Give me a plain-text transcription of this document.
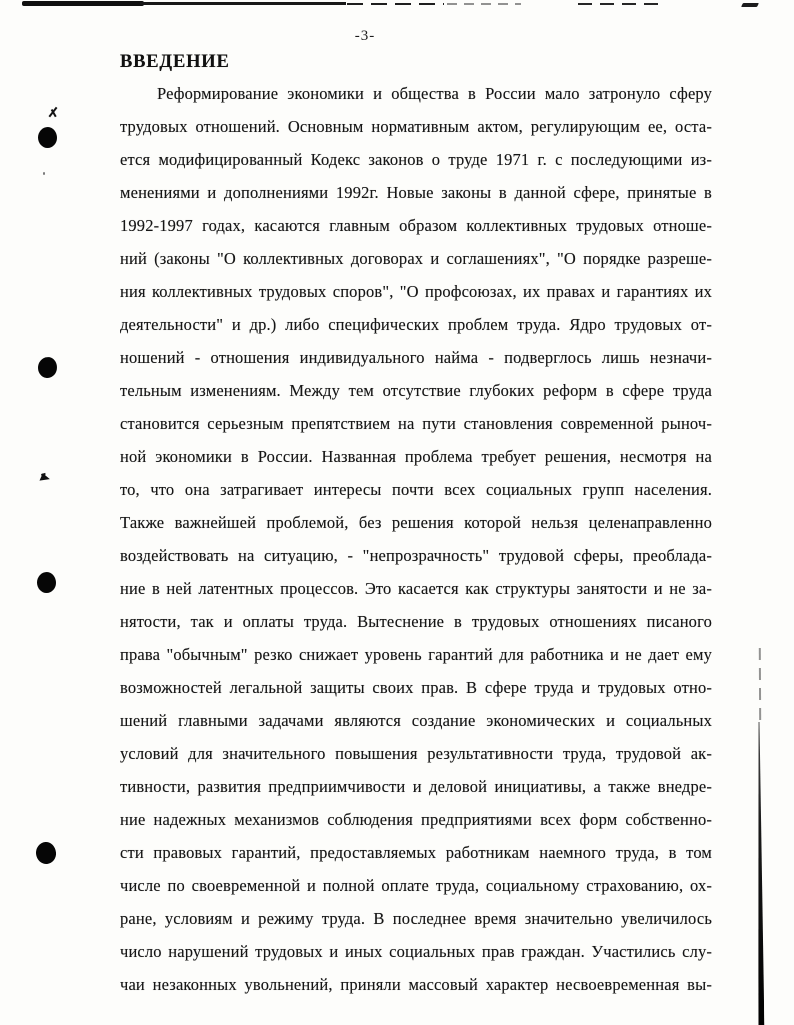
-3-
ВВЕДЕНИЕ
Реформирование экономики и общества в России мало затронуло сферу
трудовых отношений. Основным нормативным актом, регулирующим ее, оста-
ется модифицированный Кодекс законов о труде 1971 г. с последующими из-
менениями и дополнениями 1992г. Новые законы в данной сфере, принятые в
1992-1997 годах, касаются главным образом коллективных трудовых отноше-
ний (законы "О коллективных договорах и соглашениях", "О порядке разреше-
ния коллективных трудовых споров", "О профсоюзах, их правах и гарантиях их
деятельности" и др.) либо специфических проблем труда. Ядро трудовых от-
ношений - отношения индивидуального найма - подверглось лишь незначи-
тельным изменениям. Между тем отсутствие глубоких реформ в сфере труда
становится серьезным препятствием на пути становления современной рыноч-
ной экономики в России. Названная проблема требует решения, несмотря на
то, что она затрагивает интересы почти всех социальных групп населения.
Также важнейшей проблемой, без решения которой нельзя целенаправленно
воздействовать на ситуацию, - "непрозрачность" трудовой сферы, преоблада-
ние в ней латентных процессов. Это касается как структуры занятости и не за-
нятости, так и оплаты труда. Вытеснение в трудовых отношениях писаного
права "обычным" резко снижает уровень гарантий для работника и не дает ему
возможностей легальной защиты своих прав. В сфере труда и трудовых отно-
шений главными задачами являются создание экономических и социальных
условий для значительного повышения результативности труда, трудовой ак-
тивности, развития предприимчивости и деловой инициативы, а также внедре-
ние надежных механизмов соблюдения предприятиями всех форм собственно-
сти правовых гарантий, предоставляемых работникам наемного труда, в том
числе по своевременной и полной оплате труда, социальному страхованию, ох-
ране, условиям и режиму труда. В последнее время значительно увеличилось
число нарушений трудовых и иных социальных прав граждан. Участились слу-
чаи незаконных увольнений, приняли массовый характер несвоевременная вы-
